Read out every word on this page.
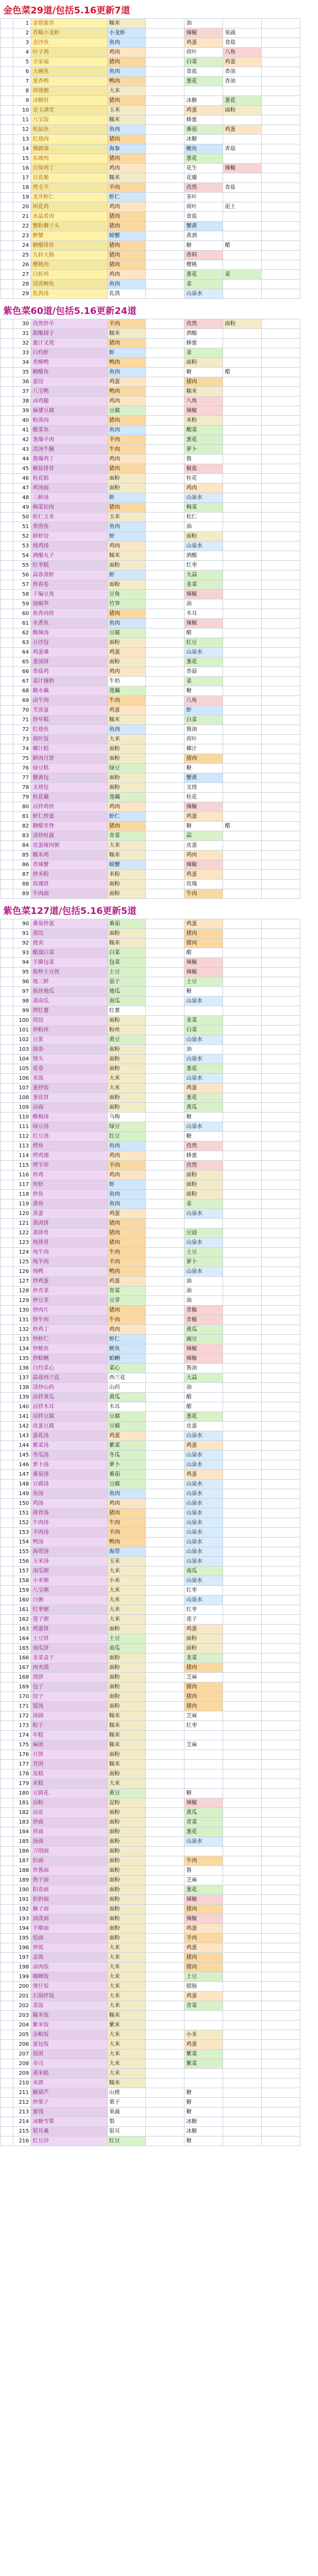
金色菜29道/包括5.16更新7道
	1	金错蜜杏	糯米		油		
	2	香糯小龙虾	小龙虾		辣椒	果蔬	
	3	金沙鱼	鱼肉		鸡蛋	食盐	
	4	叶子鸡	鸡肉		荷叶	八角	
	5	全家福	猪肉		白菜	鸡蛋	
	6	大碗鱼	鱼肉		食盐	香油	
	7	葱香鸭	鸭肉		葱花	香油	
	8	珍馐粥	大米				
	9	冰糖肘	猪肉		冰糖	葱花	
	10	金玉满堂	玉米		鸡蛋	面粉	
	11	八宝饭	糯米		蜂蜜		
	12	松鼠鱼	鱼肉		番茄	鸡蛋	
	13	红烧肉	猪肉		冰糖		
	14	佛跳墙	海参		鲍鱼	香菇	
	15	东坡肉	猪肉		葱花		
	16	宫保鸡丁	鸡肉		花生	辣椒	
	17	百花酿	糯米		花瓣		
	18	烤全羊	羊肉		孜然	食盐	
	19	龙井虾仁	虾仁		茶叶		
	20	叫花鸡	鸡肉		荷叶	泥土	
	21	水晶肴肉	猪肉		食盐		
	22	蟹粉狮子头	猪肉		蟹黄		
	23	醉蟹	螃蟹		黄酒		
	24	糖醋排骨	猪肉		糖	醋	
	25	九转大肠	猪肉		香料		
	26	樱桃肉	猪肉		樱桃		
	27	白斩鸡	鸡肉		葱花	姜	
	28	清蒸鲥鱼	鱼肉		姜		
	29	乳鸽汤	乳鸽		山泉水		
紫色菜60道/包括5.16更新24道
	30	孜然炒羊	羊肉		孜然	面粉	
	31	甜酿圆子	糯米		酒酿		
	32	蜜汁叉烧	猪肉		蜂蜜		
	33	白灼虾	虾		姜		
	34	香酥鸭	鸭肉		面粉		
	35	糖醋鱼	鱼肉		糖	醋	
	36	蛋饺	鸡蛋		猪肉		
	37	八宝鸭	鸭肉		糯米		
	38	卤鸡腿	鸡肉		八角		
	39	麻婆豆腐	豆腐		辣椒		
	40	粉蒸肉	猪肉		米粉		
	41	酸菜鱼	鱼肉		酸菜		
	42	葱爆羊肉	羊肉		葱花		
	43	清汤牛腩	牛肉		萝卜		
	44	酱爆鸡丁	鸡肉		酱		
	45	椒盐排骨	猪肉		椒盐		
	46	桂花糕	面粉		桂花		
	47	鸡汤面	面粉		鸡肉		
	48	三鲜汤	虾		山泉水		
	49	梅菜扣肉	猪肉		梅菜		
	50	松仁玉米	玉米		松仁		
	51	香煎鱼	鱼肉		油		
	52	鲜虾饺	虾		面粉		
	53	炖鸡汤	鸡肉		山泉水		
	54	酒酿丸子	糯米		酒酿		
	55	红枣糕	面粉		红枣		
	56	蒜蓉蒸虾	虾		大蒜		
	57	炸春卷	面粉		韭菜		
	58	干煸豆角	豆角		辣椒		
	59	油焖笋	竹笋		油		
	60	鱼香肉丝	猪肉		木耳		
	61	水煮鱼	鱼肉		辣椒		
	62	酸辣汤	豆腐		醋		
	63	豆沙包	面粉		红豆		
	64	鸡蛋羹	鸡蛋		山泉水		
	65	葱油饼	面粉		葱花		
	66	香菇鸡	鸡肉		香菇		
	67	姜汁撞奶	牛奶		姜		
	68	糖水藕	莲藕		糖		
	69	卤牛肉	牛肉		八角		
	70	芙蓉蛋	鸡蛋		虾		
	71	炒年糕	糯米		白菜		
	72	红烧鱼	鱼肉		酱油		
	73	荷叶饭	大米		荷叶		
	74	椰汁糕	面粉		椰汁		
	75	鲜肉月饼	面粉		猪肉		
	76	绿豆糕	绿豆		糖		
	77	蟹黄包	面粉		蟹黄		
	78	叉烧包	面粉		叉烧		
	79	桂花藕	莲藕		桂花		
	80	凉拌鸡丝	鸡肉		辣椒		
	81	虾仁炒蛋	虾仁		鸡蛋		
	82	糖醋里脊	猪肉		糖	醋	
	83	清炒时蔬	青菜		蒜		
	84	皮蛋瘦肉粥	大米		皮蛋		
	85	糯米鸡	糯米		鸡肉		
	86	香辣蟹	螃蟹		辣椒		
	87	炒米粉	米粉		鸡蛋		
	88	玫瑰饼	面粉		玫瑰		
	89	牛肉面	面粉		牛肉		
紫色菜127道/包括5.16更新5道
	90	番茄炒蛋	番茄		鸡蛋		
	91	蒸饺	面粉		猪肉		
	92	烧卖	糯米		猪肉		
	93	醋溜白菜	白菜		醋		
	94	手撕包菜	包菜		辣椒		
	95	炝炒土豆丝	土豆		辣椒		
	96	地三鲜	茄子		土豆		
	97	拔丝地瓜	地瓜		糖		
	98	蒸南瓜	南瓜		山泉水		
	99	烤红薯	红薯				
	100	煎饺	面粉		韭菜		
	101	炒粉丝	粉丝		白菜		
	102	豆浆	黄豆		山泉水		
	103	油条	面粉		油		
	104	馒头	面粉		山泉水		
	105	花卷	面粉		葱花		
	106	米饭	大米		山泉水		
	107	蛋炒饭	大米		鸡蛋		
	108	葱花饼	面粉		葱花		
	109	凉面	面粉		黄瓜		
	110	酸梅汤	乌梅		糖		
	111	绿豆汤	绿豆		山泉水		
	112	红豆汤	红豆		糖		
	113	烤鱼	鱼肉		孜然		
	114	烤鸡翅	鸡肉		蜂蜜		
	115	烤羊串	羊肉		孜然		
	116	炸鸡	鸡肉		面粉		
	117	炸虾	虾		面粉		
	118	炸鱼	鱼肉		面粉		
	119	蒸鱼	鱼肉		姜		
	120	蒸蛋	鸡蛋		山泉水		
	121	蒸肉饼	猪肉				
	122	蒸排骨	猪肉		豆豉		
	123	炖排骨	猪肉		山泉水		
	124	炖牛肉	牛肉		土豆		
	125	炖羊肉	羊肉		萝卜		
	126	炖鸭	鸭肉		山泉水		
	127	炒鸡蛋	鸡蛋		油		
	128	炒青菜	青菜		油		
	129	炒豆芽	豆芽		油		
	130	炒肉片	猪肉		青椒		
	131	炒牛肉	牛肉		青椒		
	132	炒鸡丁	鸡肉		黄瓜		
	133	炒虾仁	虾仁		豌豆		
	134	炒鱿鱼	鱿鱼		辣椒		
	135	炒蛤蜊	蛤蜊		辣椒		
	136	白灼菜心	菜心		酱油		
	137	蒜蓉西兰花	西兰花		大蒜		
	138	清炒山药	山药		油		
	139	凉拌黄瓜	黄瓜		醋		
	140	凉拌木耳	木耳		醋		
	141	凉拌豆腐	豆腐		葱花		
	142	皮蛋豆腐	豆腐		皮蛋		
	143	蛋花汤	鸡蛋		山泉水		
	144	紫菜汤	紫菜		鸡蛋		
	145	冬瓜汤	冬瓜		山泉水		
	146	萝卜汤	萝卜		山泉水		
	147	番茄汤	番茄		鸡蛋		
	148	豆腐汤	豆腐		山泉水		
	149	鱼汤	鱼肉		山泉水		
	150	鸡汤	鸡肉		山泉水		
	151	排骨汤	猪肉		山泉水		
	152	牛肉汤	牛肉		山泉水		
	153	羊肉汤	羊肉		山泉水		
	154	鸭汤	鸭肉		山泉水		
	155	海带汤	海带		山泉水		
	156	玉米汤	玉米		山泉水		
	157	南瓜粥	大米		南瓜		
	158	小米粥	小米		山泉水		
	159	八宝粥	大米		红枣		
	160	白粥	大米		山泉水		
	161	红枣粥	大米		红枣		
	162	莲子粥	大米		莲子		
	163	鸡蛋饼	面粉		鸡蛋		
	164	土豆饼	土豆		面粉		
	165	南瓜饼	南瓜		面粉		
	166	韭菜盒子	面粉		韭菜		
	167	肉夹馍	面粉		猪肉		
	168	烧饼	面粉		芝麻		
	169	包子	面粉		猪肉		
	170	饺子	面粉		猪肉		
	171	馄饨	面粉		猪肉		
	172	汤圆	糯米		芝麻		
	173	粽子	糯米		红枣		
	174	年糕	糯米				
	175	麻团	糯米		芝麻		
	176	月饼	面粉				
	177	青团	糯米				
	178	发糕	面粉				
	179	米糕	大米				
	180	豆腐花	黄豆		糖		
	181	凉粉	淀粉		辣椒		
	182	凉皮	面粉		黄瓜		
	183	炒面	面粉		青菜		
	184	拌面	面粉		葱花		
	185	汤面	面粉		山泉水		
	186	刀削面	面粉				
	187	拉面	面粉		牛肉		
	188	炸酱面	面粉		酱		
	189	热干面	面粉		芝麻		
	190	阳春面	面粉		葱花		
	191	担担面	面粉		辣椒		
	192	臊子面	面粉		猪肉		
	193	油泼面	面粉		辣椒		
	194	手擀面	面粉		鸡蛋		
	195	烩面	面粉		羊肉		
	196	炒饭	大米		鸡蛋		
	197	盖饭	大米		猪肉		
	198	卤肉饭	大米		猪肉		
	199	咖喱饭	大米		土豆		
	200	煲仔饭	大米		腊肠		
	201	石锅拌饭	大米		鸡蛋		
	202	菜饭	大米		青菜		
	203	糯米饭	糯米				
	204	紫米饭	紫米				
	205	杂粮饭	大米		小米		
	206	蛋包饭	大米		鸡蛋		
	207	饭团	大米		紫菜		
	208	寿司	大米		紫菜		
	209	蒸米糕	大米				
	210	米酒	糯米				
	211	糖葫芦	山楂		糖		
	212	炒栗子	栗子		糖		
	213	蜜饯	果蔬		糖		
	214	冰糖雪梨	梨		冰糖		
	215	银耳羹	银耳		冰糖		
	216	红豆沙	红豆		糖		
